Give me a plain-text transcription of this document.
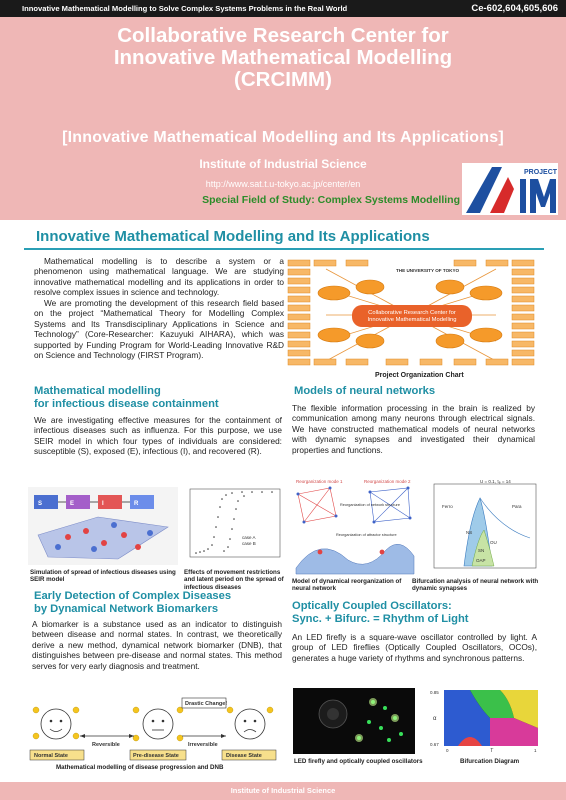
Innovative Mathematical Modelling to Solve Complex Systems Problems in the Real World	Ce-602,604,605,606
Collaborative Research Center for
Innovative Mathematical Modelling
(CRCIMM)
[Innovative Mathematical Modelling and Its Applications]
Institute of Industrial Science
http://www.sat.t.u-tokyo.ac.jp/center/en
Special Field of Study: Complex Systems Modelling
PROJECT
Innovative Mathematical Modelling and Its Applications
Mathematical modelling is to describe a system or a phenomenon using mathematical language. We are studying innovative mathematical modelling and its applications in order to resolve complex issues in science and technology.
We are promoting the development of this research field based on the project “Mathematical Theory for Modelling Complex Systems and Its Transdisciplinary Applications in Science and Technology” (Core-Researcher: Kazuyuki AIHARA), which was supported by Funding Program for World-Leading Innovative R&D on Science and Technology (FIRST Program).
Collaborative Research Center for
Innovative Mathematical Modelling
THE UNIVERSITY OF TOKYO
Project Organization Chart
Mathematical modelling
for infectious disease containment
We are investigating effective measures for the containment of infectious diseases such as influenza. For this purpose, we use SEIR model in which four types of individuals are considered: susceptible (S), exposed (E), infectious (I), and recovered (R).
S	E	I	R
case A
case B
Simulation of spread of infectious diseases using SEIR model
Effects of movement restrictions and latent period on the spread of infectious diseases
Models of neural networks
The flexible information processing in the brain is realized by communication among many neurons through electrical signals. We have constructed mathematical models of neural networks with dynamic synapses and investigated their dynamical properties and functions.
Reorganization mode 1	Reorganization mode 2
Reorganization of network structure
Reorganization of attractor structure
U = 0.1, τₑ = 14
Ferro	Para
NS
OU
SN
OAP
Model of dynamical reorganization of neural network
Bifurcation analysis of neural network with dynamic synapses
Early Detection of Complex Diseases
by Dynamical Network Biomarkers
A biomarker is a substance used as an indicator to distinguish between disease and normal states. In contrast, we theoretically derive a new method, dynamical network biomarker (DNB), that distinguishes between pre-disease and normal states. This method serves for very early diagnosis and treatment.
Drastic Change!
Reversible	Irreversible
Normal State	Pre-disease State	Disease State
Mathematical modelling of disease progression and DNB
Optically Coupled Oscillators:
Sync. + Bifurc. = Rhythm of Light
An LED firefly is a square-wave oscillator controlled by light. A group of LED fireflies (Optically Coupled Oscillators, OCOs), generates a huge variety of rhythms and synchronous patterns.
0.85
0.67
α
0	T	1
LED firefly and optically coupled oscillators	Bifurcation Diagram
Institute of Industrial Science
